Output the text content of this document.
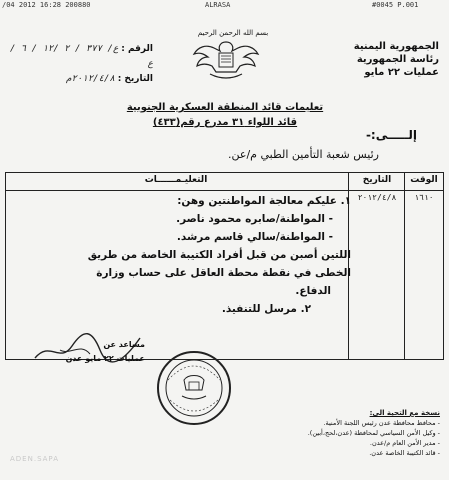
/04 2012 16:28 200880	ALRASA	#0045 P.001
بسم الله الرحمن الرحيم
الجمهورية اليمنية
رئاسة الجمهورية
عمليات ٢٢ مايو
الرقم : ع/ ٣٧٧ / ٢ /١٢ / ٦ /ع
التاريخ : ٢٠١٢/٤/٨م
تعليمات قائد المنطقة العسكرية الجنوبية
قائد اللواء ٣١ مدرع رقم(٤٣٣)
إلـــــى:-
رئيس شعبة التأمين الطبي م/عن.
الوقت
التاريخ
التعليـمــــــات
١٦١٠
٢٠١٢/٤/٨
١. عليكم معالجة المواطنتين وهن:
- المواطنة/صابره محمود ناصر.
- المواطنة/سالي قاسم مرشد.
اللتين أصبن من قبل أفراد الكتيبة الخاصة من طريق
الخطى في نقطة محطة العاقل على حساب وزارة
الدفاع.
٢. مرسل للتنفيذ.
مساعد عن
عمليات ٢٢ مايو عدن
نسخة مع التحية الى:
- محافظ محافظة عدن رئيس اللجنة الأمنية.
- وكيل الأمن السياسي لمحافظة (عدن،لحج،أبين).
- مدير الأمن العام م/عدن.
- قائد الكتيبة الخاصة عدن.
ADEN.SAPA
